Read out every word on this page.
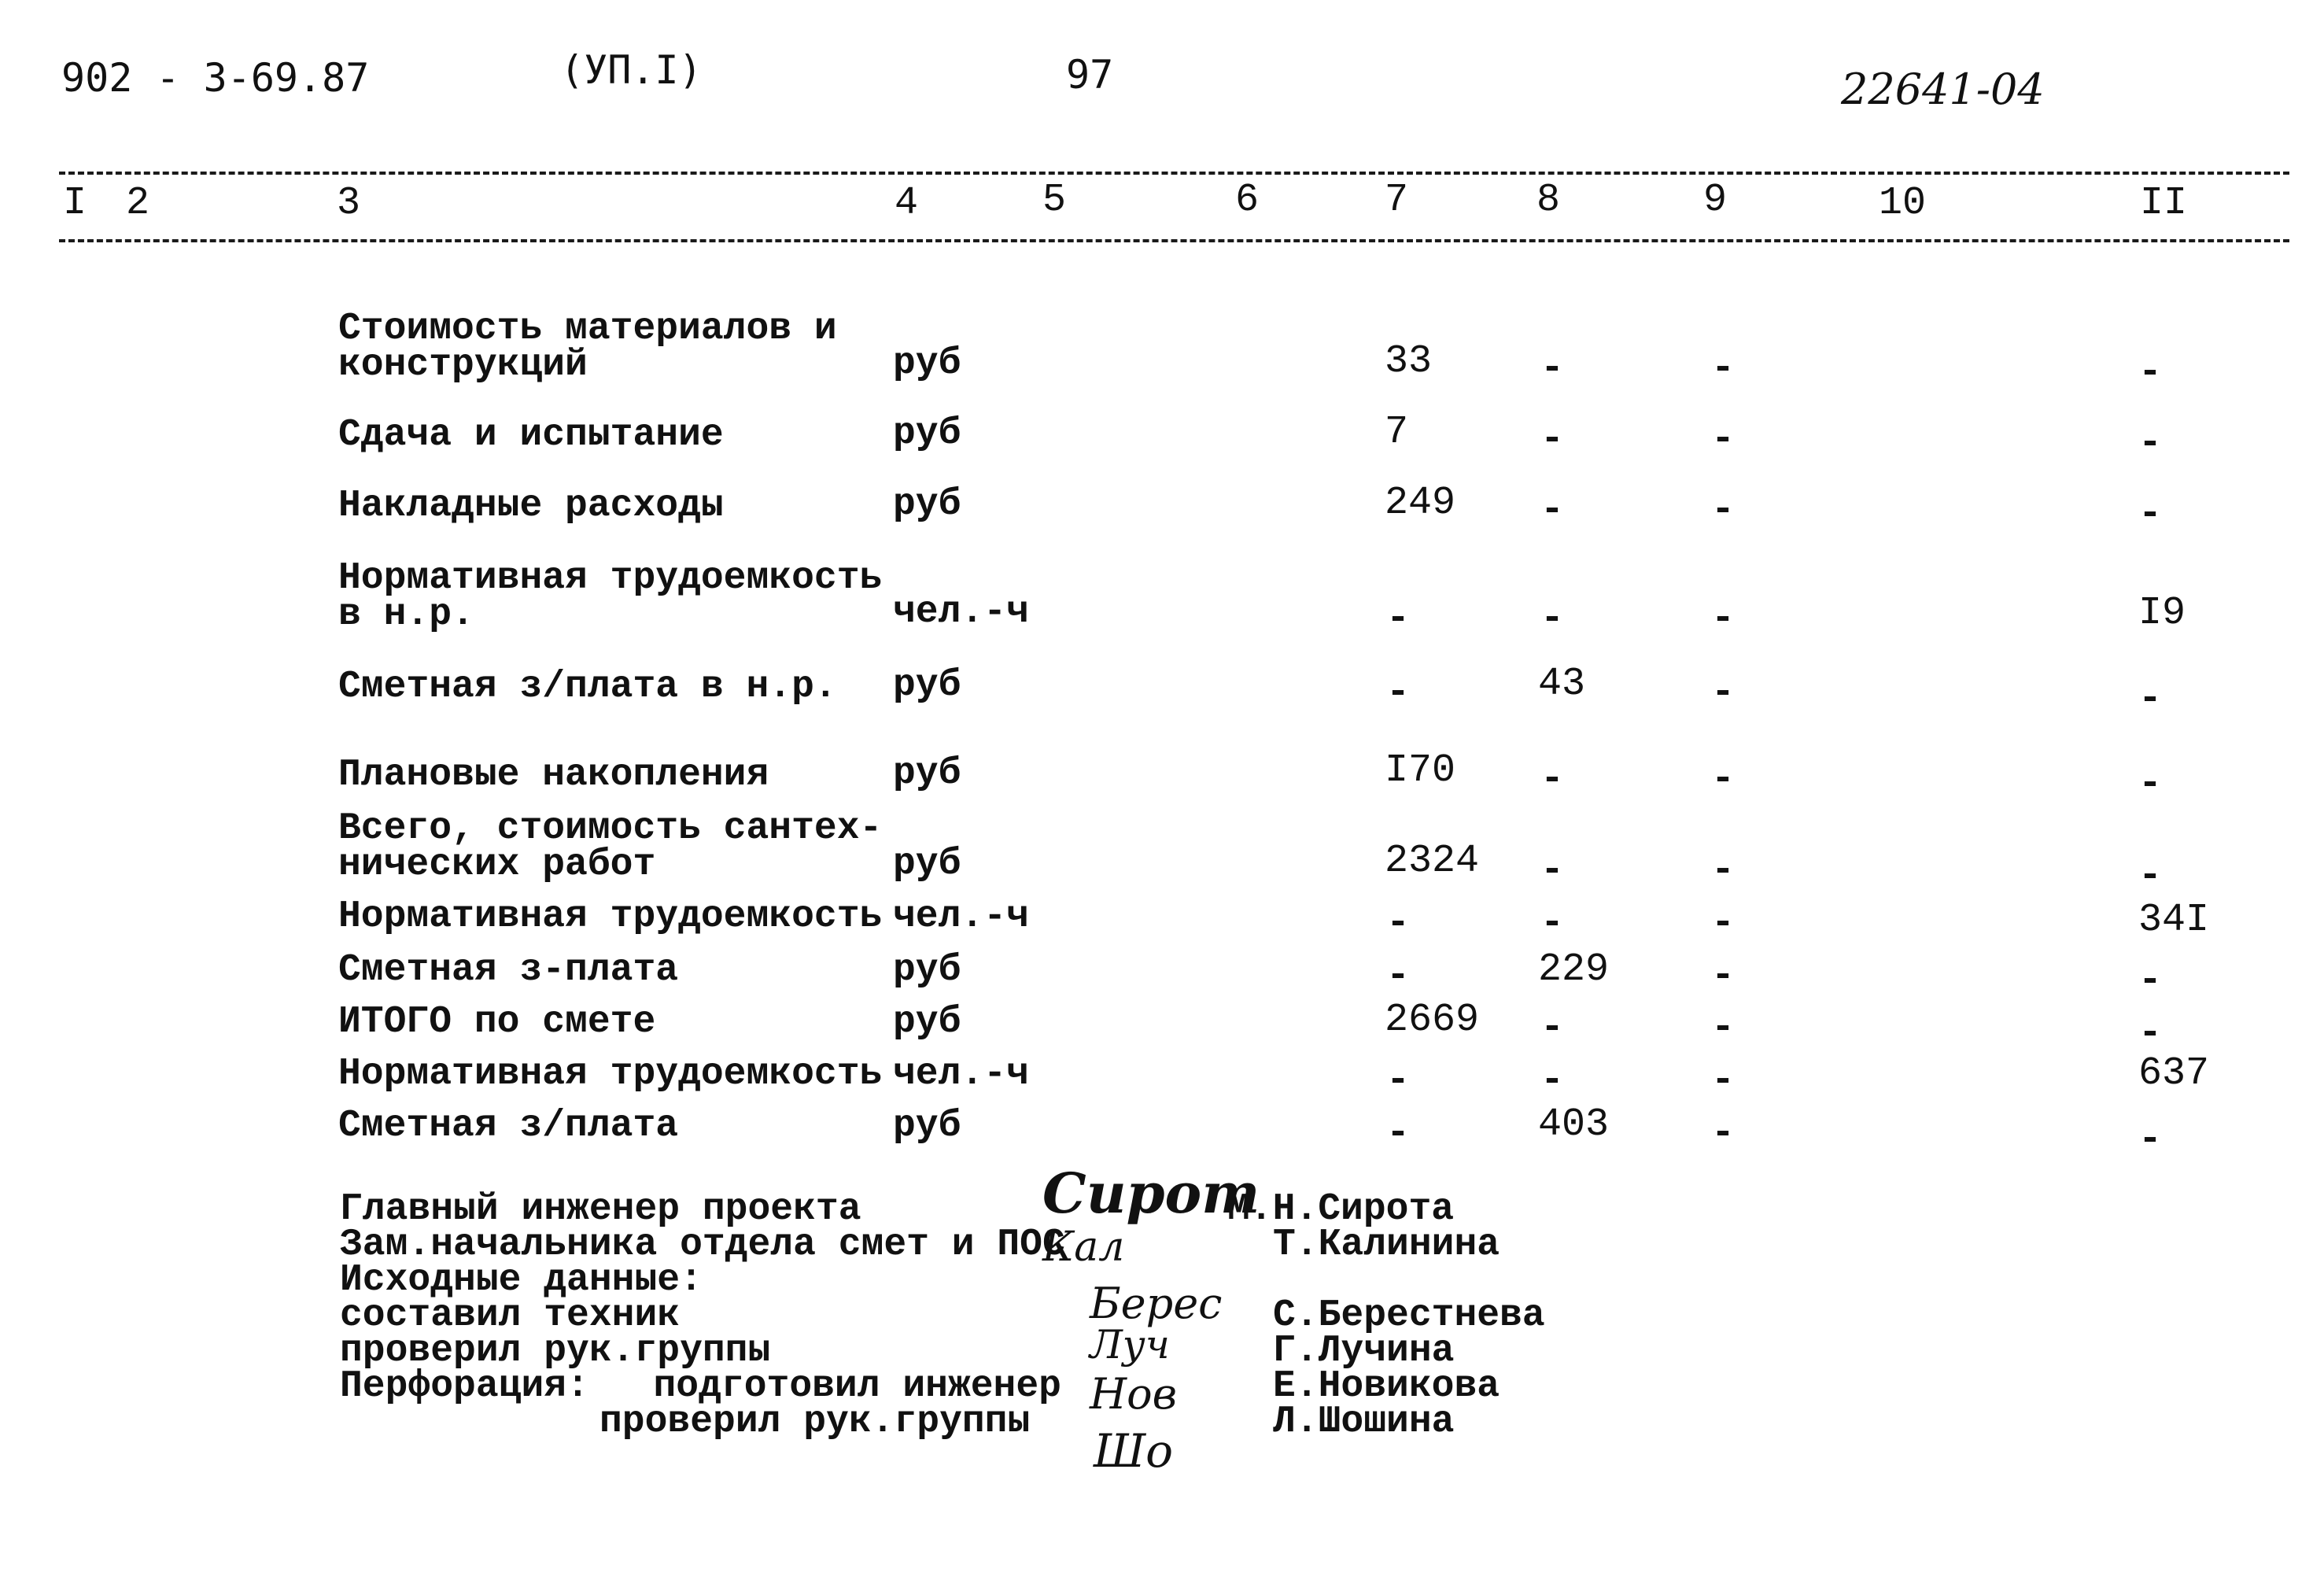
902 - 3-69.87	(УП.I)	97	22641-04
I 2	3	4	5	6	7	8	9	10	II
Стоимость материалов и
конструкций	руб	33	-	-	-
Сдача и испытание	руб	7	-	-	-
Накладные расходы	руб	249 -	-	-
Нормативная трудоемкость
в н.р.	чел.-ч	-	-	-	I9
Сметная з/плата в н.р. руб	-	43	-	-
Плановые накопления	руб	I70 -	-	-
Всего, стоимость сантех-
нических работ	руб	2324 -	-	-
Нормативная трудоемкость чел.-ч	-	-	-	34I
Сметная з-плата	руб	-	229	-	-
ИТОГО по смете	руб	2669 -	-	-
Нормативная трудоемкость чел.-ч	-	-	-	637
Сметная з/плата	руб	-	403	-	-
Главный инженер проекта
Зам.начальника отдела смет и ПОС
Исходные данные:
составил техник
проверил рук.группы
Перфорация: подготовил инженер
проверил рук.группы
М.Н.Сирота
Т.Калинина
С.Берестнева
Г.Лучина
Е.Новикова
Л.Шошина
Сирот
Кал
Берес
Луч
Нов
Шо
